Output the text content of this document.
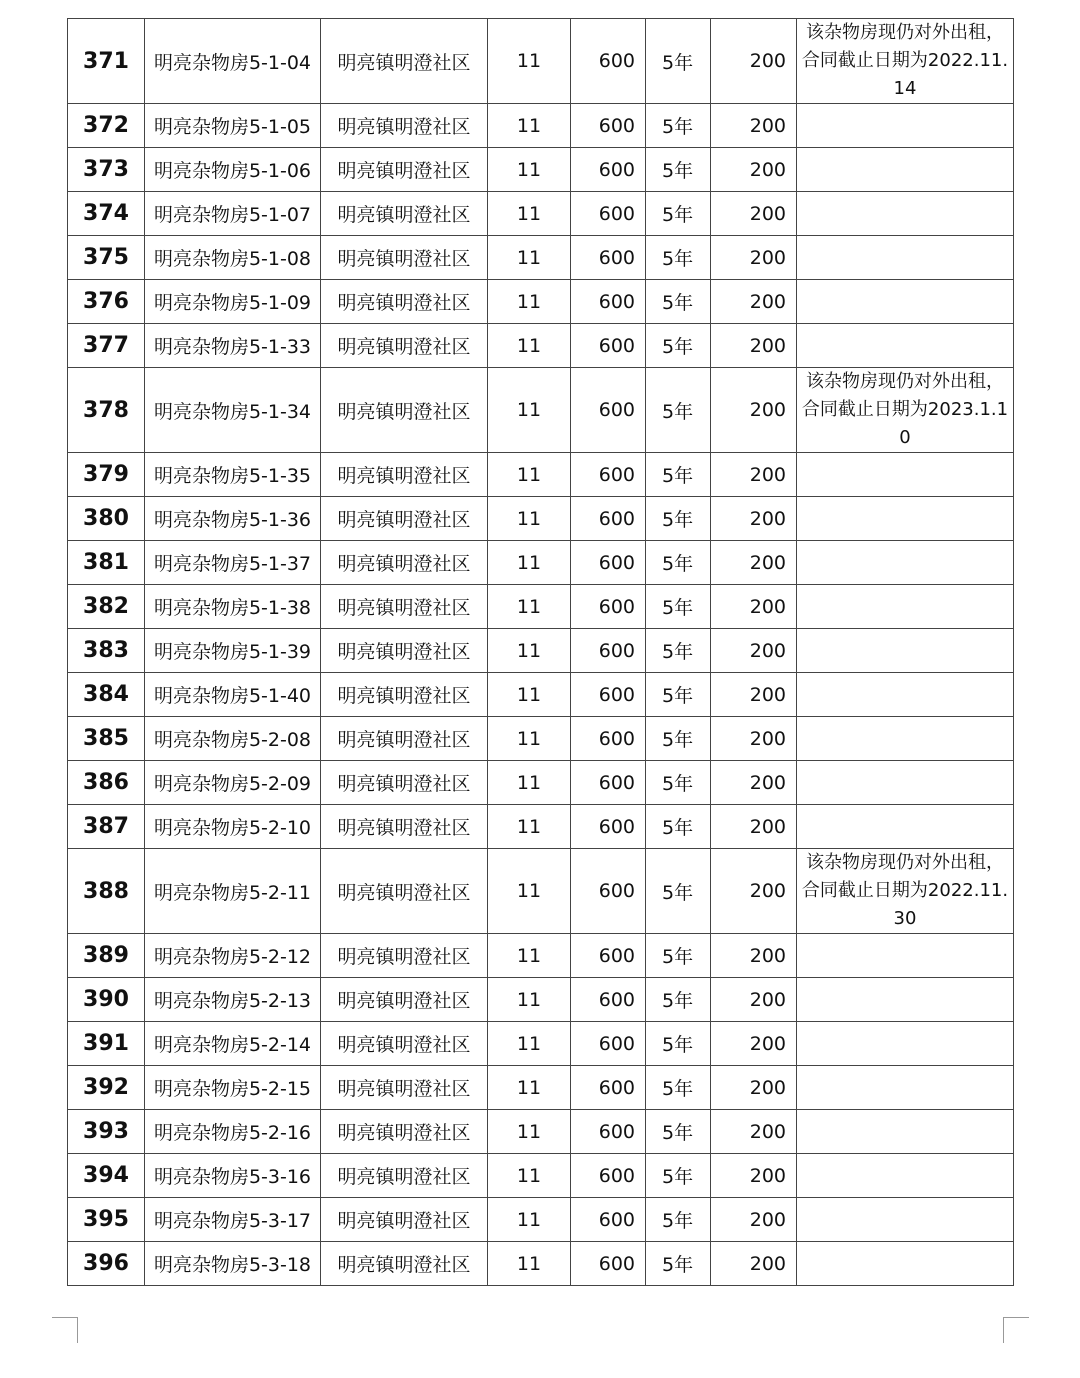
371	明亮杂物房5-1-04	明亮镇明澄社区	11	600	5年	200	该杂物房现仍对外出租，合同截止日期为2022.11.14
372	明亮杂物房5-1-05	明亮镇明澄社区	11	600	5年	200	
373	明亮杂物房5-1-06	明亮镇明澄社区	11	600	5年	200	
374	明亮杂物房5-1-07	明亮镇明澄社区	11	600	5年	200	
375	明亮杂物房5-1-08	明亮镇明澄社区	11	600	5年	200	
376	明亮杂物房5-1-09	明亮镇明澄社区	11	600	5年	200	
377	明亮杂物房5-1-33	明亮镇明澄社区	11	600	5年	200	
378	明亮杂物房5-1-34	明亮镇明澄社区	11	600	5年	200	该杂物房现仍对外出租，合同截止日期为2023.1.10
379	明亮杂物房5-1-35	明亮镇明澄社区	11	600	5年	200	
380	明亮杂物房5-1-36	明亮镇明澄社区	11	600	5年	200	
381	明亮杂物房5-1-37	明亮镇明澄社区	11	600	5年	200	
382	明亮杂物房5-1-38	明亮镇明澄社区	11	600	5年	200	
383	明亮杂物房5-1-39	明亮镇明澄社区	11	600	5年	200	
384	明亮杂物房5-1-40	明亮镇明澄社区	11	600	5年	200	
385	明亮杂物房5-2-08	明亮镇明澄社区	11	600	5年	200	
386	明亮杂物房5-2-09	明亮镇明澄社区	11	600	5年	200	
387	明亮杂物房5-2-10	明亮镇明澄社区	11	600	5年	200	
388	明亮杂物房5-2-11	明亮镇明澄社区	11	600	5年	200	该杂物房现仍对外出租，合同截止日期为2022.11.30
389	明亮杂物房5-2-12	明亮镇明澄社区	11	600	5年	200	
390	明亮杂物房5-2-13	明亮镇明澄社区	11	600	5年	200	
391	明亮杂物房5-2-14	明亮镇明澄社区	11	600	5年	200	
392	明亮杂物房5-2-15	明亮镇明澄社区	11	600	5年	200	
393	明亮杂物房5-2-16	明亮镇明澄社区	11	600	5年	200	
394	明亮杂物房5-3-16	明亮镇明澄社区	11	600	5年	200	
395	明亮杂物房5-3-17	明亮镇明澄社区	11	600	5年	200	
396	明亮杂物房5-3-18	明亮镇明澄社区	11	600	5年	200	
